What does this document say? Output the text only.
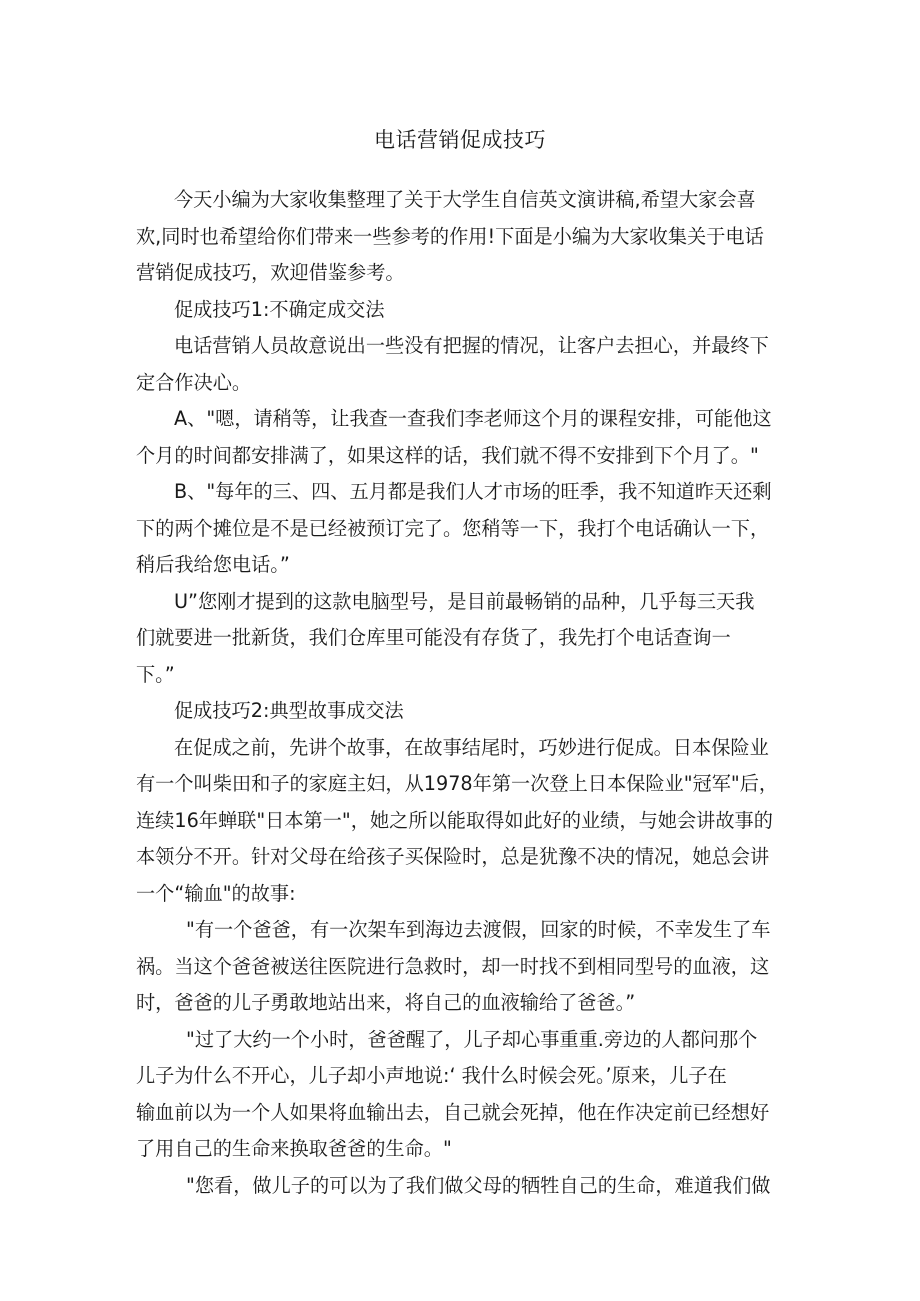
电话营销促成技巧
今天小编为大家收集整理了关于大学生自信英文演讲稿,希望大家会喜
欢,同时也希望给你们带来一些参考的作用!下面是小编为大家收集关于电话
营销促成技巧，欢迎借鉴参考。
促成技巧1:不确定成交法
电话营销人员故意说出一些没有把握的情况，让客户去担心，并最终下
定合作决心。
A、"嗯，请稍等，让我查一查我们李老师这个月的课程安排，可能他这
个月的时间都安排满了，如果这样的话，我们就不得不安排到下个月了。"
B、"每年的三、四、五月都是我们人才市场的旺季，我不知道昨天还剩
下的两个摊位是不是已经被预订完了。您稍等一下，我打个电话确认一下，
稍后我给您电话。”
U”您刚才提到的这款电脑型号，是目前最畅销的品种，几乎每三天我
们就要进一批新货，我们仓库里可能没有存货了，我先打个电话查询一
下。”
促成技巧2:典型故事成交法
在促成之前，先讲个故事，在故事结尾时，巧妙进行促成。日本保险业
有一个叫柴田和子的家庭主妇，从1978年第一次登上日本保险业"冠军"后，
连续16年蝉联"日本第一"，她之所以能取得如此好的业绩，与她会讲故事的
本领分不开。针对父母在给孩子买保险时，总是犹豫不决的情况，她总会讲
一个“输血"的故事:
"有一个爸爸，有一次架车到海边去渡假，回家的时候，不幸发生了车
祸。当这个爸爸被送往医院进行急救时，却一时找不到相同型号的血液，这
时，爸爸的儿子勇敢地站出来，将自己的血液输给了爸爸。”
"过了大约一个小时，爸爸醒了，儿子却心事重重.旁边的人都问那个
儿子为什么不开心，儿子却小声地说:‘ 我什么时候会死。’原来，儿子在
输血前以为一个人如果将血输出去，自己就会死掉，他在作决定前已经想好
了用自己的生命来换取爸爸的生命。"
"您看，做儿子的可以为了我们做父母的牺牲自己的生命，难道我们做
